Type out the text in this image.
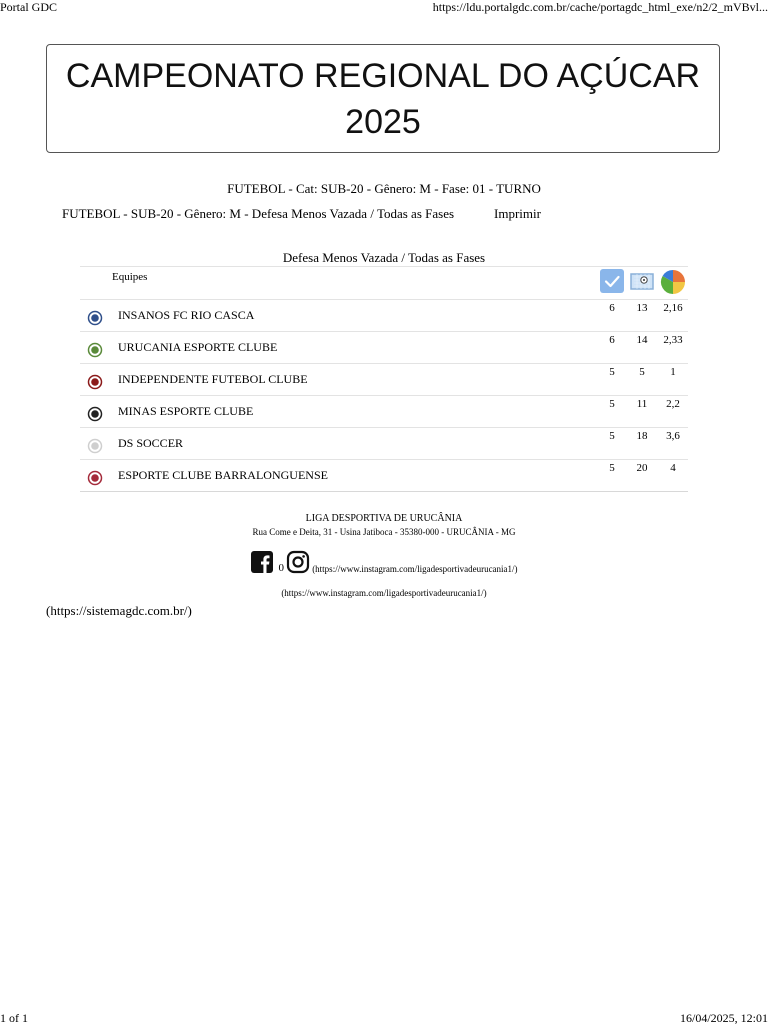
Portal GDC	https://ldu.portalgdc.com.br/cache/portagdc_html_exe/n2/2_mVBvl...
CAMPEONATO REGIONAL DO AÇÚCAR 2025
FUTEBOL - Cat: SUB-20 - Gênero: M - Fase: 01 - TURNO
FUTEBOL - SUB-20 - Gênero: M - Defesa Menos Vazada / Todas as Fases	Imprimir
Defesa Menos Vazada / Todas as Fases
Equipes
INSANOS FC RIO CASCA	6	13	2,16
URUCANIA ESPORTE CLUBE	6	14	2,33
INDEPENDENTE FUTEBOL CLUBE	5	5	1
MINAS ESPORTE CLUBE	5	11	2,2
DS SOCCER	5	18	3,6
ESPORTE CLUBE BARRALONGUENSE	5	20	4
LIGA DESPORTIVA DE URUCÂNIA
Rua Come e Deita, 31 - Usina Jatiboca - 35380-000 - URUCÂNIA - MG
0	(https://www.instagram.com/ligadesportivadeurucania1/)
(https://www.instagram.com/ligadesportivadeurucania1/)
(https://sistemagdc.com.br/)
1 of 1	16/04/2025, 12:01
